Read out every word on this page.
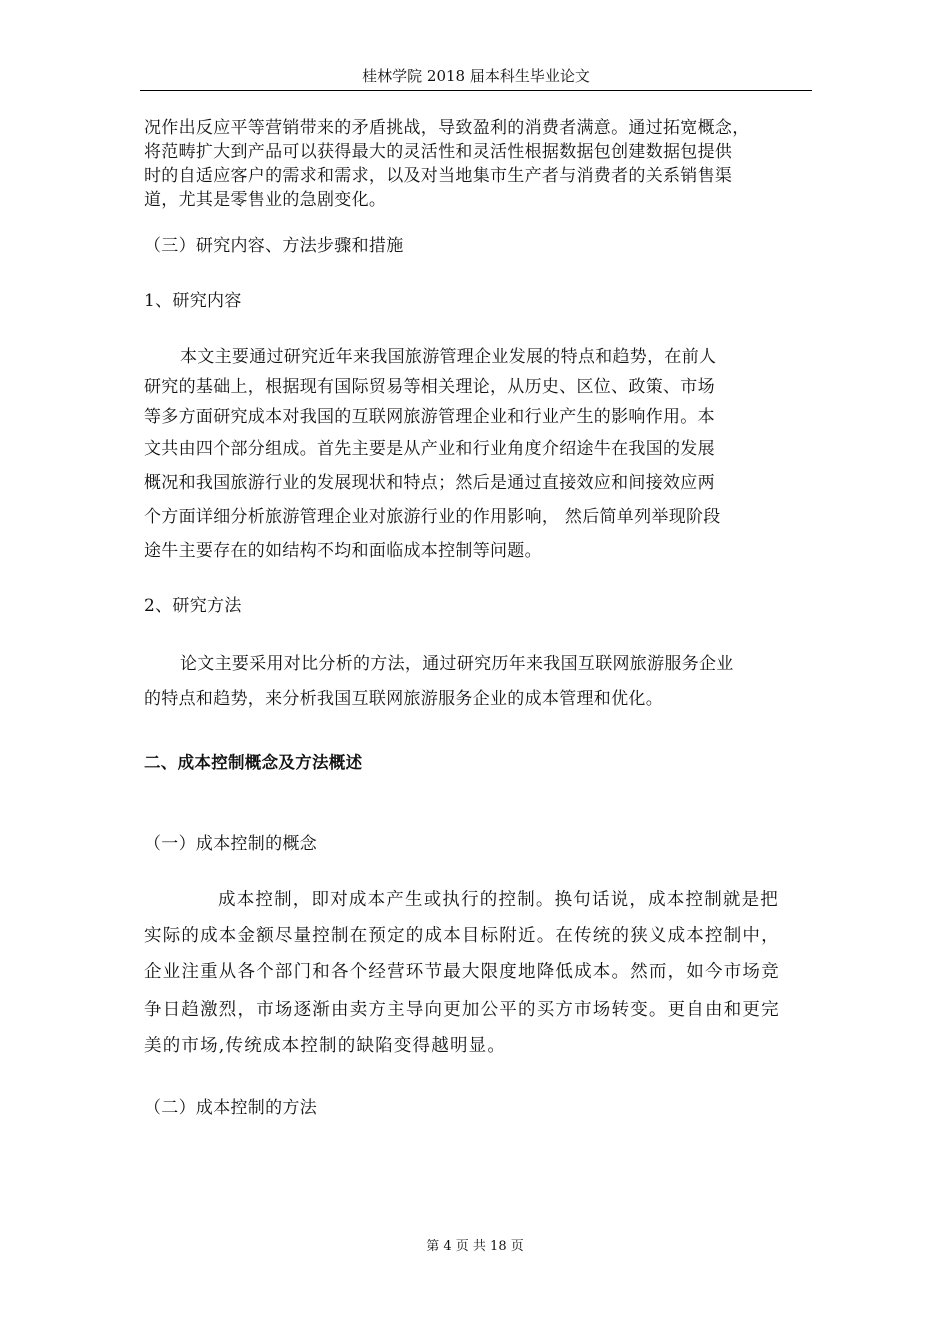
桂林学院 2018 届本科生毕业论文
况作出反应平等营销带来的矛盾挑战，导致盈利的消费者满意。通过拓宽概念，
将范畴扩大到产品可以获得最大的灵活性和灵活性根据数据包创建数据包提供
时的自适应客户的需求和需求，以及对当地集市生产者与消费者的关系销售渠
道，尤其是零售业的急剧变化。
（三）研究内容、方法步骤和措施
1、研究内容
本文主要通过研究近年来我国旅游管理企业发展的特点和趋势，在前人
研究的基础上，根据现有国际贸易等相关理论，从历史、区位、政策、市场
等多方面研究成本对我国的互联网旅游管理企业和行业产生的影响作用。本
文共由四个部分组成。首先主要是从产业和行业角度介绍途牛在我国的发展
概况和我国旅游行业的发展现状和特点；然后是通过直接效应和间接效应两
个方面详细分析旅游管理企业对旅游行业的作用影响， 然后简单列举现阶段
途牛主要存在的如结构不均和面临成本控制等问题。
2、研究方法
论文主要采用对比分析的方法，通过研究历年来我国互联网旅游服务企业
的特点和趋势，来分析我国互联网旅游服务企业的成本管理和优化。
二、成本控制概念及方法概述
（一）成本控制的概念
成本控制，即对成本产生或执行的控制。换句话说，成本控制就是把
实际的成本金额尽量控制在预定的成本目标附近。在传统的狭义成本控制中，
企业注重从各个部门和各个经营环节最大限度地降低成本。然而，如今市场竞
争日趋激烈，市场逐渐由卖方主导向更加公平的买方市场转变。更自由和更完
美的市场,传统成本控制的缺陷变得越明显。
（二）成本控制的方法
第 4 页 共 18 页
